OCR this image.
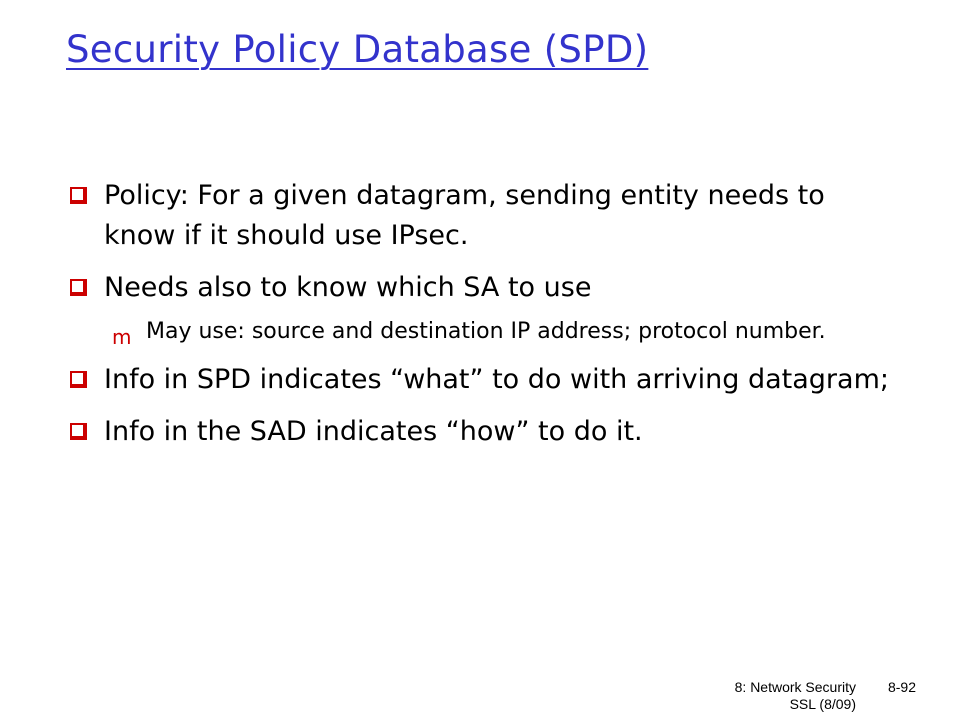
Security Policy Database (SPD)
Policy: For a given datagram, sending entity needs to know if it should use IPsec.
Needs also to know which SA to use
m May use: source and destination IP address; protocol number.
Info in SPD indicates “what” to do with arriving datagram;
Info in the SAD indicates “how” to do it.
8: Network Security
SSL (8/09)
8-92
